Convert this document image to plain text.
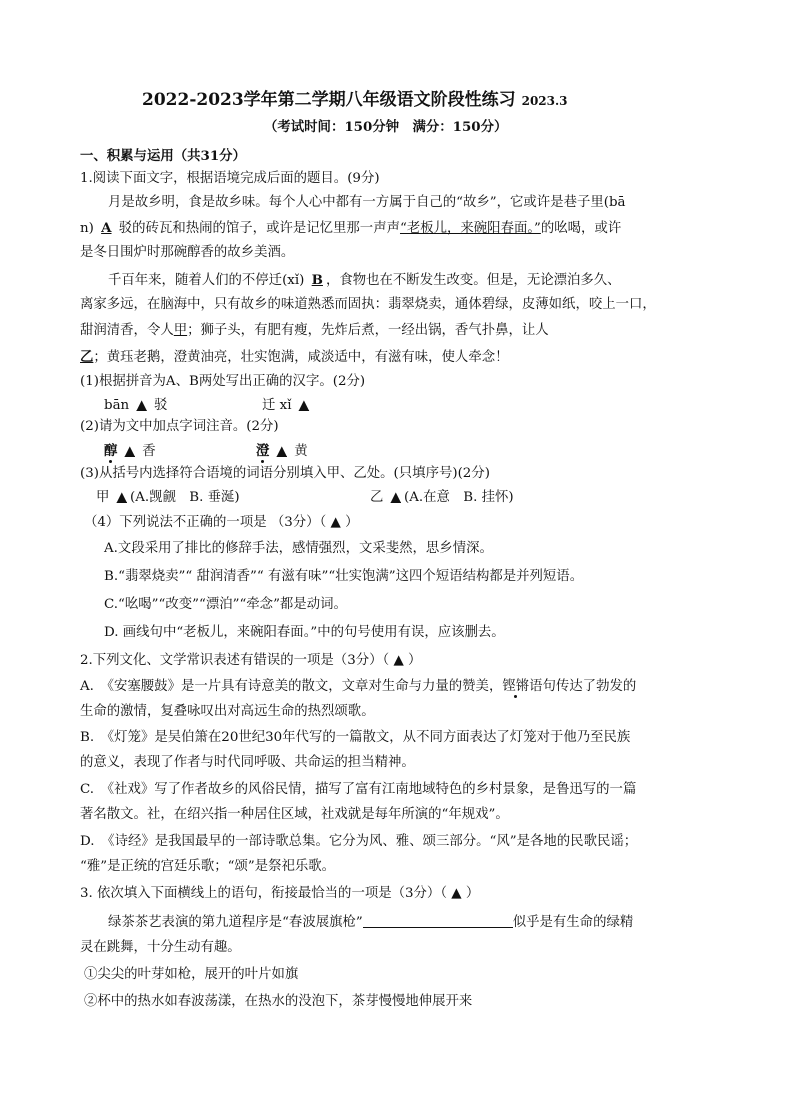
2022-2023学年第二学期八年级语文阶段性练习 2023.3
（考试时间：150分钟　满分：150分）
一、积累与运用（共31分）
1.阅读下面文字，根据语境完成后面的题目。(9分)
月是故乡明，食是故乡味。每个人心中都有一方属于自己的“故乡”，它或许是巷子里(bā
n) A 驳的砖瓦和热闹的馆子，或许是记忆里那一声声“老板儿，来碗阳春面。”的吆喝，或许
是冬日围炉时那碗醇香的故乡美酒。
千百年来，随着人们的不停迁(xǐ) B ，食物也在不断发生改变。但是，无论漂泊多久、
离家多远，在脑海中，只有故乡的味道熟悉而固执：翡翠烧卖，通体碧绿，皮薄如纸，咬上一口，
甜润清香，令人甲；狮子头，有肥有瘦，先炸后煮，一经出锅，香气扑鼻，让人
乙；黄珏老鹅，澄黄油亮，壮实饱满，咸淡适中，有滋有味，使人牵念！
(1)根据拼音为A、B两处写出正确的汉字。(2分)
bān ▲ 驳	迁 xǐ ▲
(2)请为文中加点字词注音。(2分)
醇 ▲ 香	澄 ▲ 黄
(3)从括号内选择符合语境的词语分别填入甲、乙处。(只填序号)(2分)
甲 ▲ (A.觊觎　B. 垂涎)	乙 ▲ (A.在意　B. 挂怀)
（4）下列说法不正确的一项是 （3分）（ ▲ ）
A.文段采用了排比的修辞手法，感情强烈，文采斐然，思乡情深。
B.“翡翠烧卖”“ 甜润清香”“ 有滋有味”“壮实饱满”这四个短语结构都是并列短语。
C.“吆喝”“改变”“漂泊”“牵念”都是动词。
D. 画线句中“老板儿，来碗阳春面。”中的句号使用有误，应该删去。
2.下列文化、文学常识表述有错误的一项是（3分）（ ▲ ）
A.　《安塞腰鼓》是一片具有诗意美的散文，文章对生命与力量的赞美，铿锵语句传达了勃发的
生命的激情，复叠咏叹出对高远生命的热烈颂歌。
B.　《灯笼》是吴伯箫在20世纪30年代写的一篇散文，从不同方面表达了灯笼对于他乃至民族
的意义，表现了作者与时代同呼吸、共命运的担当精神。
C.　《社戏》写了作者故乡的风俗民情，描写了富有江南地域特色的乡村景象，是鲁迅写的一篇
著名散文。社，在绍兴指一种居住区域，社戏就是每年所演的“年规戏”。
D.　《诗经》是我国最早的一部诗歌总集。它分为风、雅、颂三部分。“风”是各地的民歌民谣；
“雅”是正统的宫廷乐歌；“颂”是祭祀乐歌。
3. 依次填入下面横线上的语句，衔接最恰当的一项是（3分）（ ▲ ）
绿茶茶艺表演的第九道程序是“春波展旗枪”	似乎是有生命的绿精
灵在跳舞，十分生动有趣。
①尖尖的叶芽如枪，展开的叶片如旗
②杯中的热水如春波荡漾，在热水的没泡下，茶芽慢慢地伸展开来
